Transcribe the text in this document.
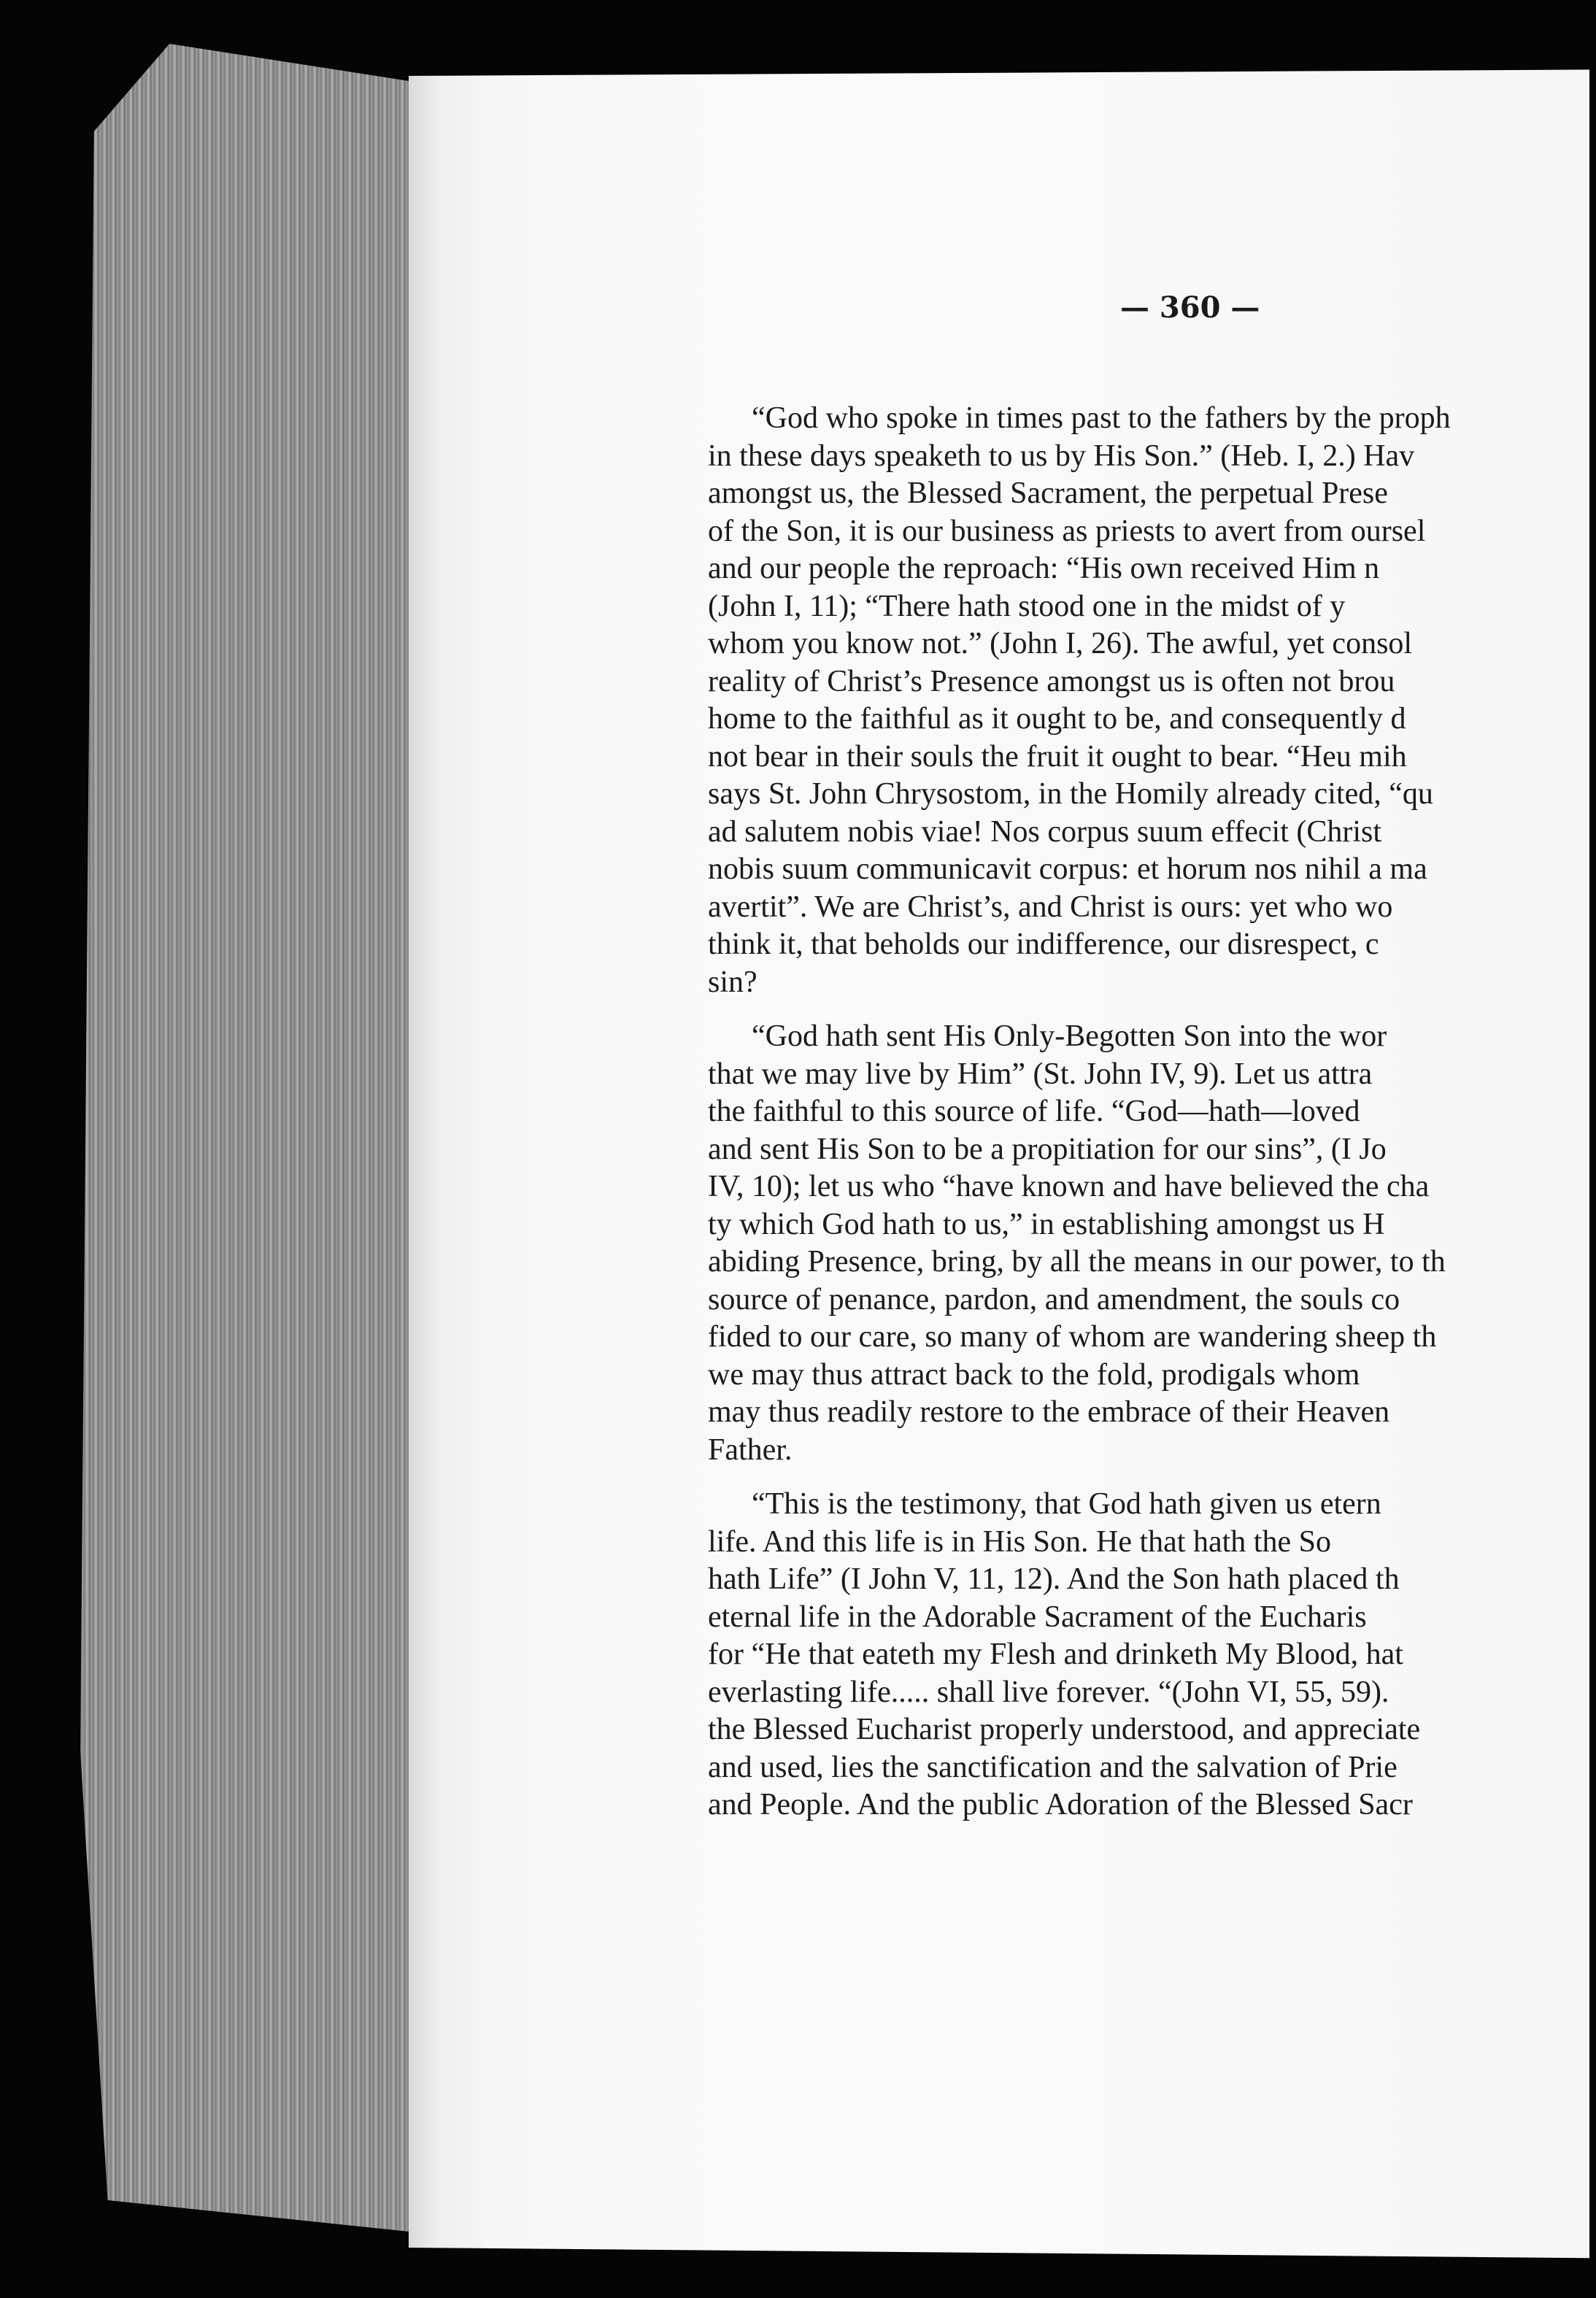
— 360 —
“God who spoke in times past to the fathers by the proph
in these days speaketh to us by His Son.” (Heb. I, 2.) Hav
amongst us, the Blessed Sacrament, the perpetual Prese
of the Son, it is our business as priests to avert from oursel
and our people the reproach: “His own received Him n
(John I, 11); “There hath stood one in the midst of y
whom you know not.” (John I, 26). The awful, yet consol
reality of Christ’s Presence amongst us is often not brou
home to the faithful as it ought to be, and consequently d
not bear in their souls the fruit it ought to bear. “Heu mih
says St. John Chrysostom, in the Homily already cited, “qu
ad salutem nobis viae! Nos corpus suum effecit (Christ
nobis suum communicavit corpus: et horum nos nihil a ma
avertit”. We are Christ’s, and Christ is ours: yet who wo
think it, that beholds our indifference, our disrespect, c
sin?
“God hath sent His Only-Begotten Son into the wor
that we may live by Him” (St. John IV, 9). Let us attra
the faithful to this source of life. “God—hath—loved
and sent His Son to be a propitiation for our sins”, (I Jo
IV, 10); let us who “have known and have believed the cha
ty which God hath to us,” in establishing amongst us H
abiding Presence, bring, by all the means in our power, to th
source of penance, pardon, and amendment, the souls co
fided to our care, so many of whom are wandering sheep th
we may thus attract back to the fold, prodigals whom
may thus readily restore to the embrace of their Heaven
Father.
“This is the testimony, that God hath given us etern
life. And this life is in His Son. He that hath the So
hath Life” (I John V, 11, 12). And the Son hath placed th
eternal life in the Adorable Sacrament of the Eucharis
for “He that eateth my Flesh and drinketh My Blood, hat
everlasting life..... shall live forever. “(John VI, 55, 59).
the Blessed Eucharist properly understood, and appreciate
and used, lies the sanctification and the salvation of Prie
and People. And the public Adoration of the Blessed Sacr
